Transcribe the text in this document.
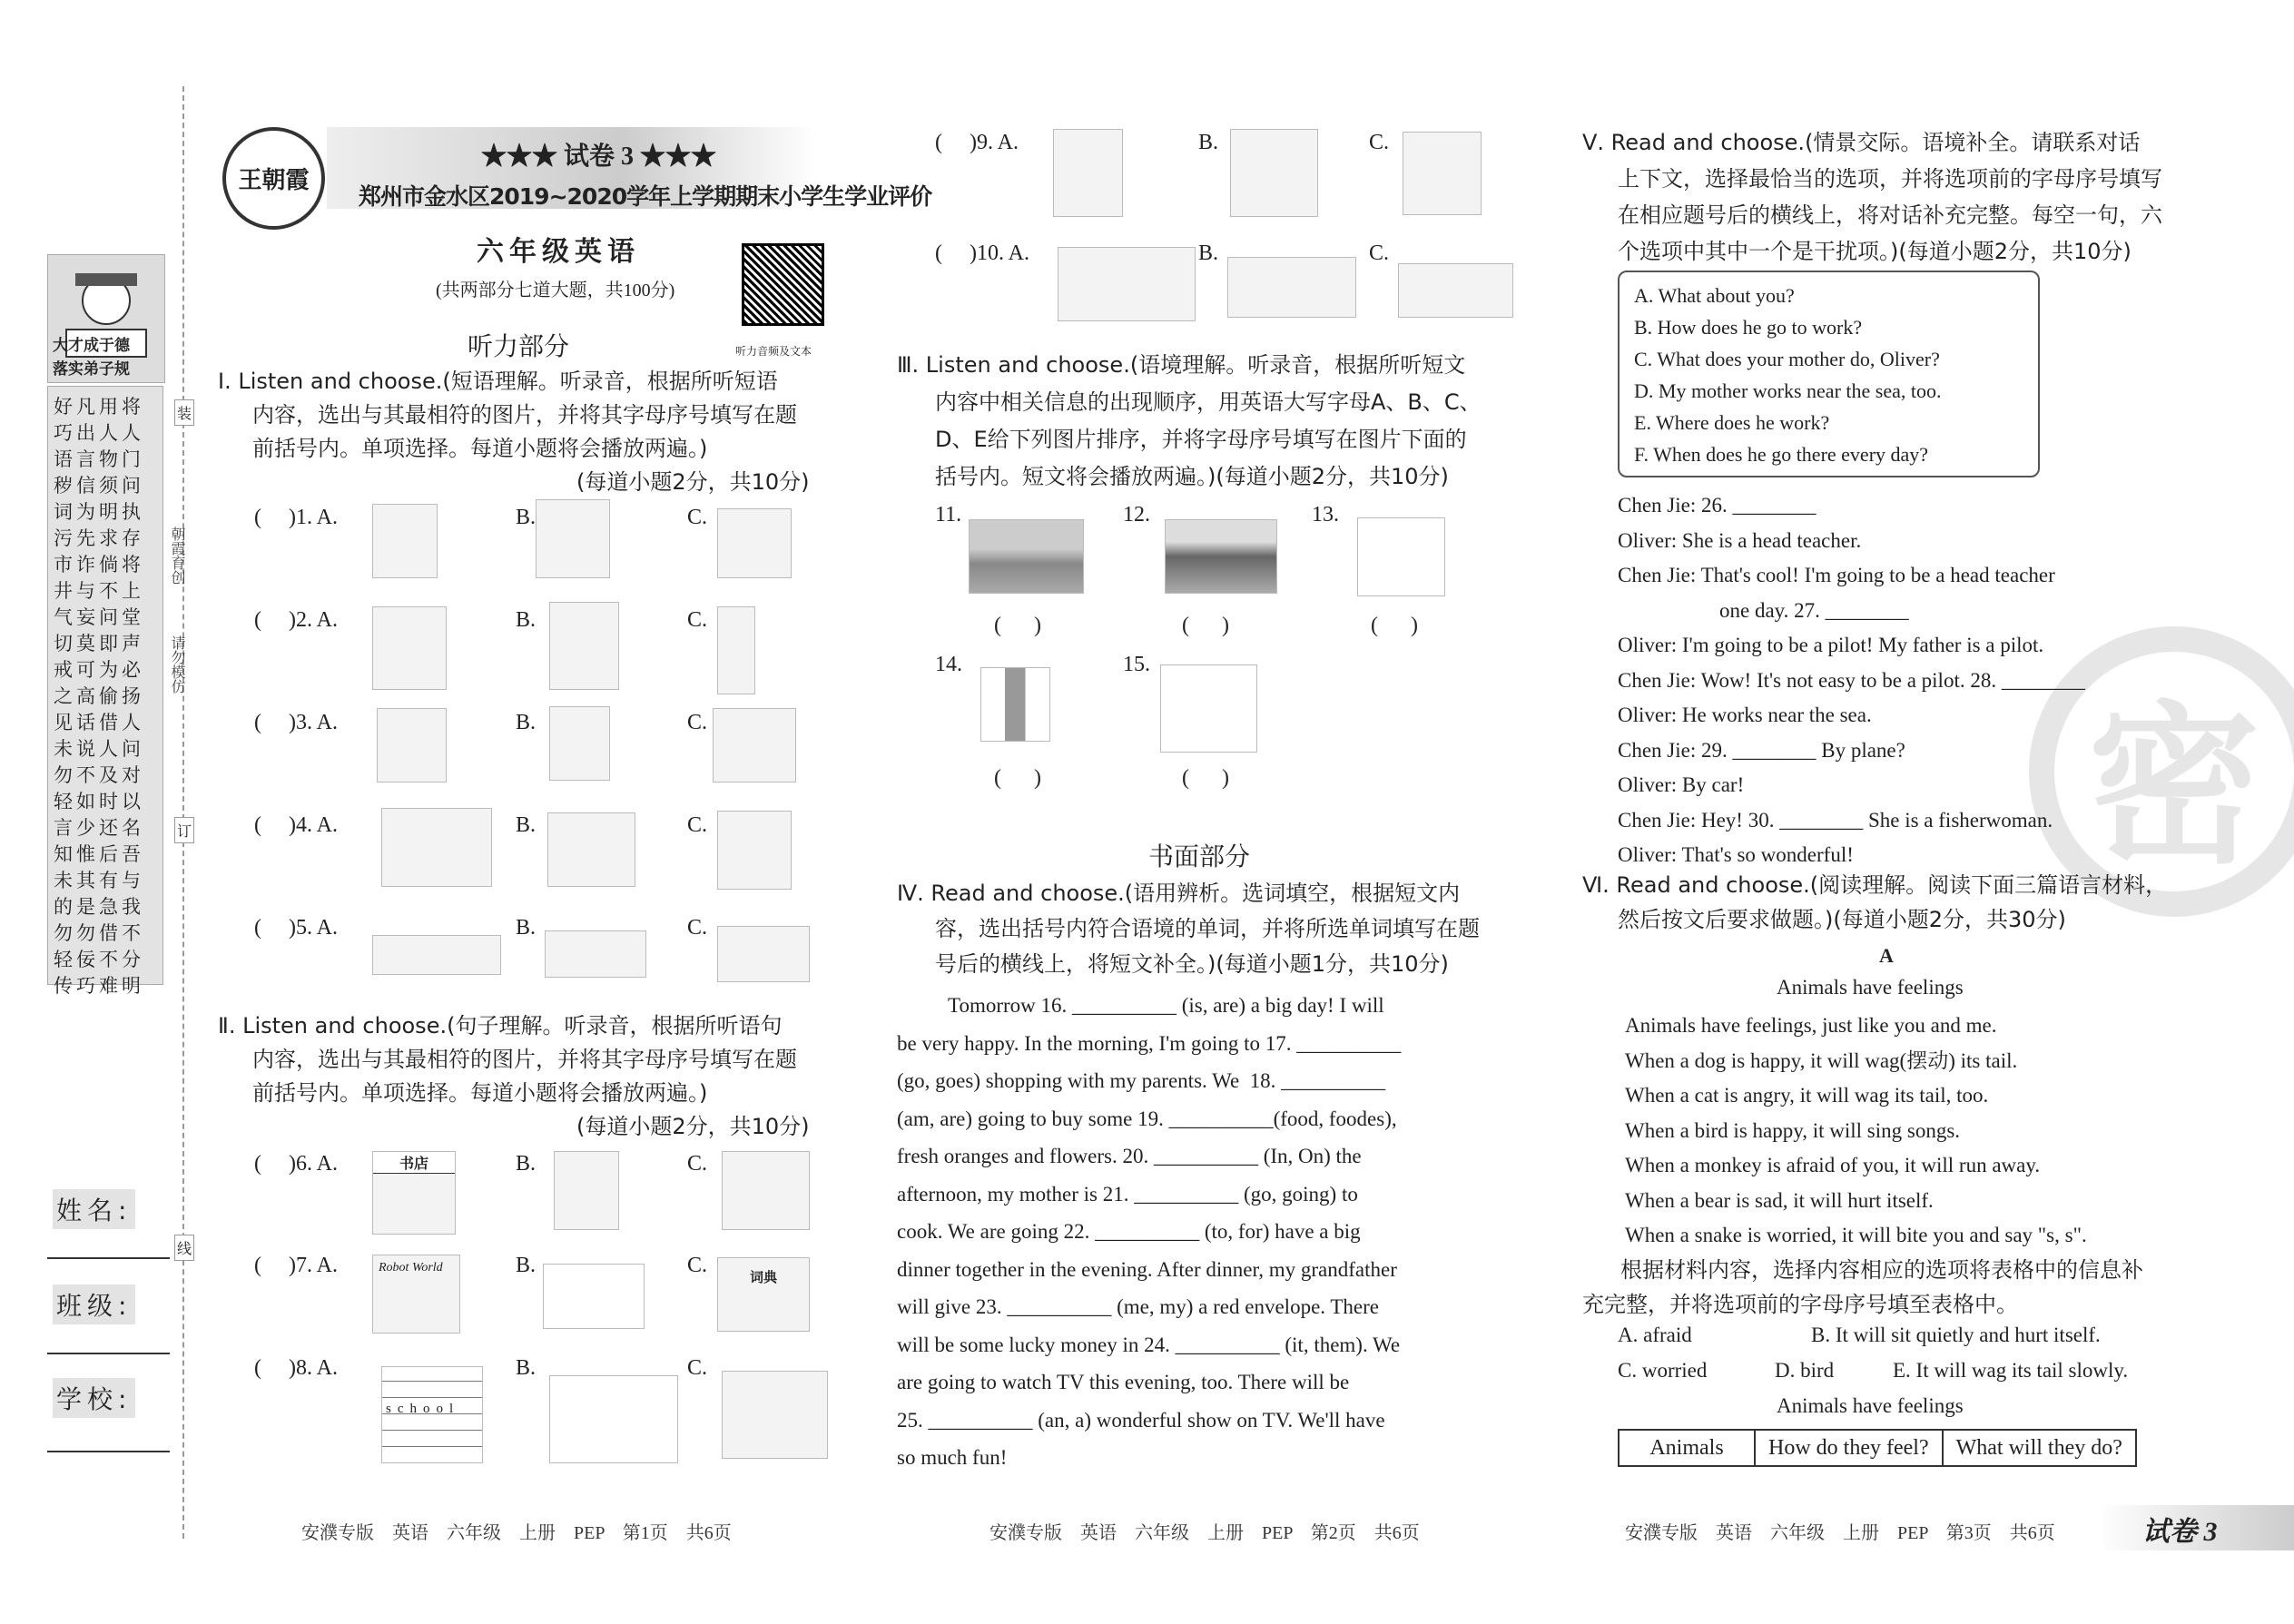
大才成于德
落实弟子规
好凡用将巧出人人语言物门秽信须问词为明执污先求存市诈倘将井与不上气妄问堂切莫即声戒可为必之高偷扬见话借人未说人问勿不及对轻如时以言少还名知惟后吾未其有与的是急我勿勿借不轻佞不分传巧难明
装
订
线
朝霞育创
请勿模仿
姓名:
班级:
学校:
王朝霞
★★★ 试卷 3 ★★★
郑州市金水区2019~2020学年上学期期末小学生学业评价
六年级英语
(共两部分七道大题，共100分)
听力音频及文本
听力部分
Ⅰ. Listen and choose.(短语理解。听录音，根据所听短语
内容，选出与其最相符的图片，并将其字母序号填写在题
前括号内。单项选择。每道小题将会播放两遍。)
(每道小题2分，共10分)
(     )1. A.	B.	C.
(     )2. A.	B.	C.
(     )3. A.	B.	C.
(     )4. A.	B.	C.
(     )5. A.	B.	C.
Ⅱ. Listen and choose.(句子理解。听录音，根据所听语句
内容，选出与其最相符的图片，并将其字母序号填写在题
前括号内。单项选择。每道小题将会播放两遍。)
(每道小题2分，共10分)
(     )6. A.	书店	B.	C.
(     )7. A.	Robot World	B.	C.	词典
(     )8. A.
school
B.	C.
安濮专版　英语　六年级　上册　PEP　第1页　共6页
(     )9. A.	B.	C.
(     )10. A.	B.	C.
Ⅲ. Listen and choose.(语境理解。听录音，根据所听短文
内容中相关信息的出现顺序，用英语大写字母A、B、C、
D、E给下列图片排序，并将字母序号填写在图片下面的
括号内。短文将会播放两遍。)(每道小题2分，共10分)
11.
(      )
12.
(      )
13.
(      )
14.
(      )
15.
(      )
书面部分
Ⅳ. Read and choose.(语用辨析。选词填空，根据短文内
容，选出括号内符合语境的单词，并将所选单词填写在题
号后的横线上，将短文补全。)(每道小题1分，共10分)
Tomorrow 16. __________ (is, are) a big day! I will
be very happy. In the morning, I'm going to 17. __________
(go, goes) shopping with my parents. We  18. __________
(am, are) going to buy some 19. __________(food, foodes),
fresh oranges and flowers. 20. __________ (In, On) the
afternoon, my mother is 21. __________ (go, going) to
cook. We are going 22. __________ (to, for) have a big
dinner together in the evening. After dinner, my grandfather
will give 23. __________ (me, my) a red envelope. There
will be some lucky money in 24. __________ (it, them). We
are going to watch TV this evening, too. There will be
25. __________ (an, a) wonderful show on TV. We'll have
so much fun!
安濮专版　英语　六年级　上册　PEP　第2页　共6页
密
Ⅴ. Read and choose.(情景交际。语境补全。请联系对话
上下文，选择最恰当的选项，并将选项前的字母序号填写
在相应题号后的横线上，将对话补充完整。每空一句，六
个选项中其中一个是干扰项。)(每道小题2分，共10分)
A. What about you?
B. How does he go to work?
C. What does your mother do, Oliver?
D. My mother works near the sea, too.
E. Where does he work?
F. When does he go there every day?
Chen Jie: 26. ________
Oliver: She is a head teacher.
Chen Jie: That's cool! I'm going to be a head teacher
one day. 27. ________
Oliver: I'm going to be a pilot! My father is a pilot.
Chen Jie: Wow! It's not easy to be a pilot. 28. ________
Oliver: He works near the sea.
Chen Jie: 29. ________ By plane?
Oliver: By car!
Chen Jie: Hey! 30. ________ She is a fisherwoman.
Oliver: That's so wonderful!
Ⅵ. Read and choose.(阅读理解。阅读下面三篇语言材料，
然后按文后要求做题。)(每道小题2分，共30分)
A
Animals have feelings
Animals have feelings, just like you and me.
When a dog is happy, it will wag(摆动) its tail.
When a cat is angry, it will wag its tail, too.
When a bird is happy, it will sing songs.
When a monkey is afraid of you, it will run away.
When a bear is sad, it will hurt itself.
When a snake is worried, it will bite you and say "s, s".
根据材料内容，选择内容相应的选项将表格中的信息补
充完整，并将选项前的字母序号填至表格中。
A. afraid	B. It will sit quietly and hurt itself.
C. worried	D. bird	E. It will wag its tail slowly.
Animals have feelings
Animals	How do they feel?	What will they do?
安濮专版　英语　六年级　上册　PEP　第3页　共6页	试卷 3
